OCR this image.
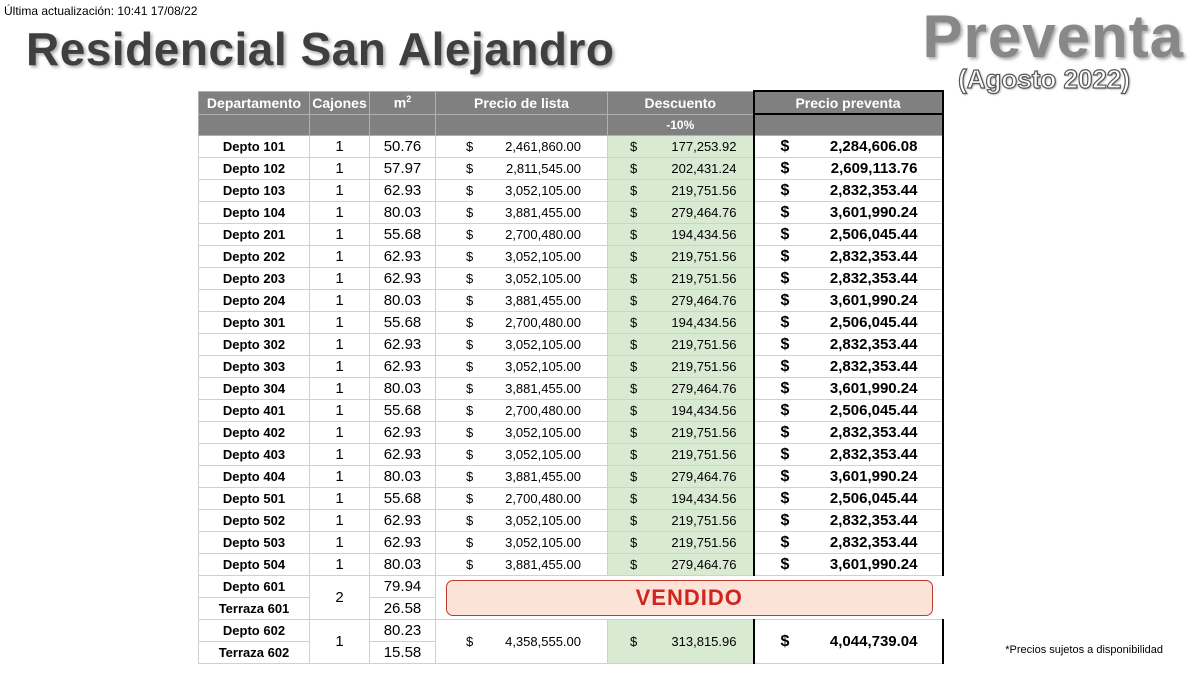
Última actualización: 10:41 17/08/22
Residencial San Alejandro	Preventa
(Agosto 2022)
Departamento	Cajones	$m^2$	Precio de lista	Descuento	Precio preventa
				-10%	
Depto 101	1	50.76	$ 2,461,860.00	$ 177,253.92	$ 2,284,606.08

Depto 102	1	57.97	$ 2,811,545.00	$ 202,431.24	$ 2,609,113.76

Depto 103	1	62.93	$ 3,052,105.00	$ 219,751.56	$ 2,832,353.44

Depto 104	1	80.03	$ 3,881,455.00	$ 279,464.76	$ 3,601,990.24

Depto 201	1	55.68	$ 2,700,480.00	$ 194,434.56	$ 2,506,045.44

Depto 202	1	62.93	$ 3,052,105.00	$ 219,751.56	$ 2,832,353.44

Depto 203	1	62.93	$ 3,052,105.00	$ 219,751.56	$ 2,832,353.44

Depto 204	1	80.03	$ 3,881,455.00	$ 279,464.76	$ 3,601,990.24

Depto 301	1	55.68	$ 2,700,480.00	$ 194,434.56	$ 2,506,045.44

Depto 302	1	62.93	$ 3,052,105.00	$ 219,751.56	$ 2,832,353.44

Depto 303	1	62.93	$ 3,052,105.00	$ 219,751.56	$ 2,832,353.44

Depto 304	1	80.03	$ 3,881,455.00	$ 279,464.76	$ 3,601,990.24

Depto 401	1	55.68	$ 2,700,480.00	$ 194,434.56	$ 2,506,045.44

Depto 402	1	62.93	$ 3,052,105.00	$ 219,751.56	$ 2,832,353.44

Depto 403	1	62.93	$ 3,052,105.00	$ 219,751.56	$ 2,832,353.44

Depto 404	1	80.03	$ 3,881,455.00	$ 279,464.76	$ 3,601,990.24

Depto 501	1	55.68	$ 2,700,480.00	$ 194,434.56	$ 2,506,045.44

Depto 502	1	62.93	$ 3,052,105.00	$ 219,751.56	$ 2,832,353.44

Depto 503	1	62.93	$ 3,052,105.00	$ 219,751.56	$ 2,832,353.44

Depto 504	1	80.03	$ 3,881,455.00	$ 279,464.76	$ 3,601,990.24

Depto 601	2	79.94	VENDIDO		

Terraza 601		26.58			
Depto 602	1	80.23	$ 4,358,555.00	$ 313,815.96	$ 4,044,739.04

Terraza 602		15.58				*Precios sujetos a disponibilidad
